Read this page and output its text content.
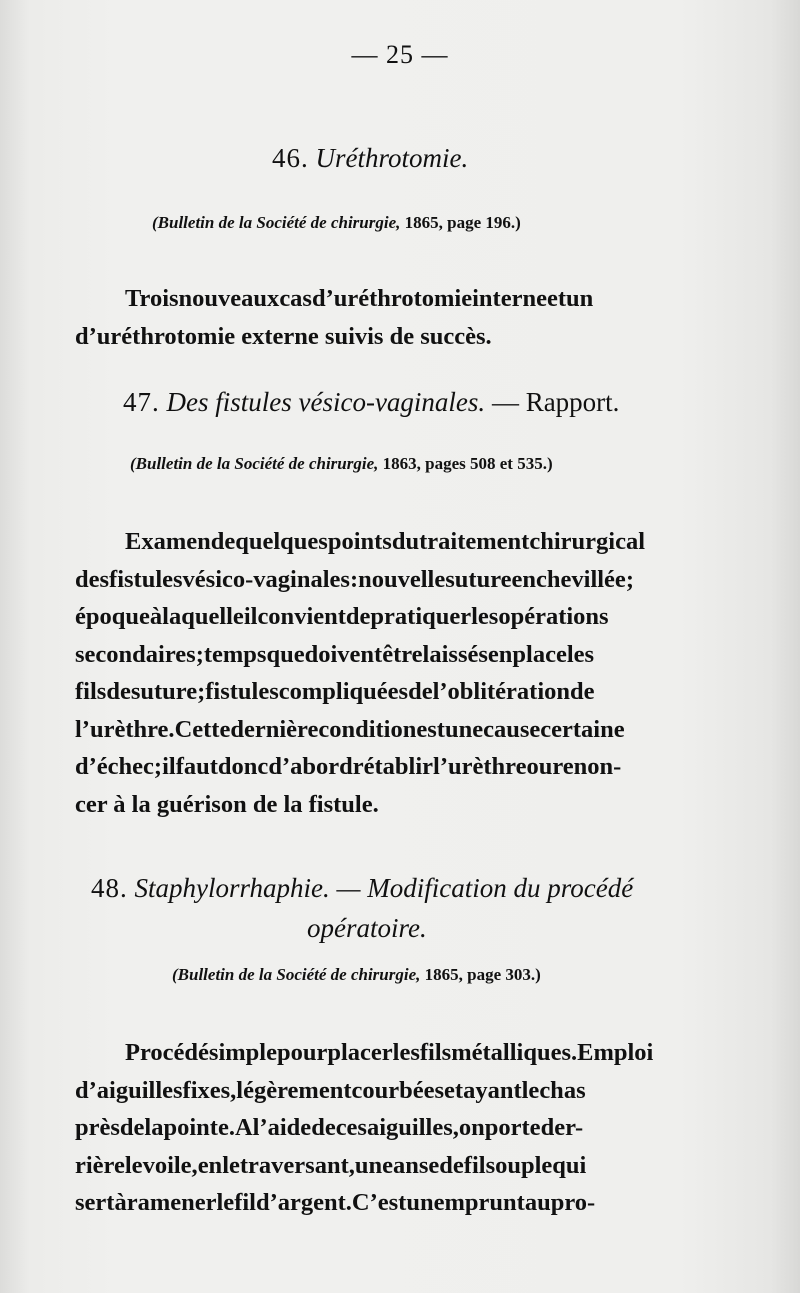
— 25 —
46. Uréthrotomie.
(Bulletin de la Société de chirurgie, 1865, page 196.)
Troisnouveauxcasd’uréthrotomieinterneetun
d’uréthrotomie externe suivis de succès.
47. Des fistules vésico-vaginales. — Rapport.
(Bulletin de la Société de chirurgie, 1863, pages 508 et 535.)
Examendequelquespointsdutraitementchirurgical
desfistulesvésico-vaginales:nouvellesutureenchevillée;
époqueàlaquelleilconvientdepratiquerlesopérations
secondaires;tempsquedoiventêtrelaissésenplaceles
filsdesuture;fistulescompliquéesdel’oblitérationde
l’urèthre.Cettedernièreconditionestunecausecertaine
d’échec;ilfautdoncd’abordrétablirl’urèthreourenon-
cer à la guérison de la fistule.
48. Staphylorrhaphie. — Modification du procédé
opératoire.
(Bulletin de la Société de chirurgie, 1865, page 303.)
Procédésimplepourplacerlesfilsmétalliques.Emploi
d’aiguillesfixes,légèrementcourbéesetayantlechas
prèsdelapointe.Al’aidedecesaiguilles,onporteder-
rièrelevoile,enletraversant,uneansedefilsouplequi
sertàramenerlefild’argent.C’estunempruntaupro-
